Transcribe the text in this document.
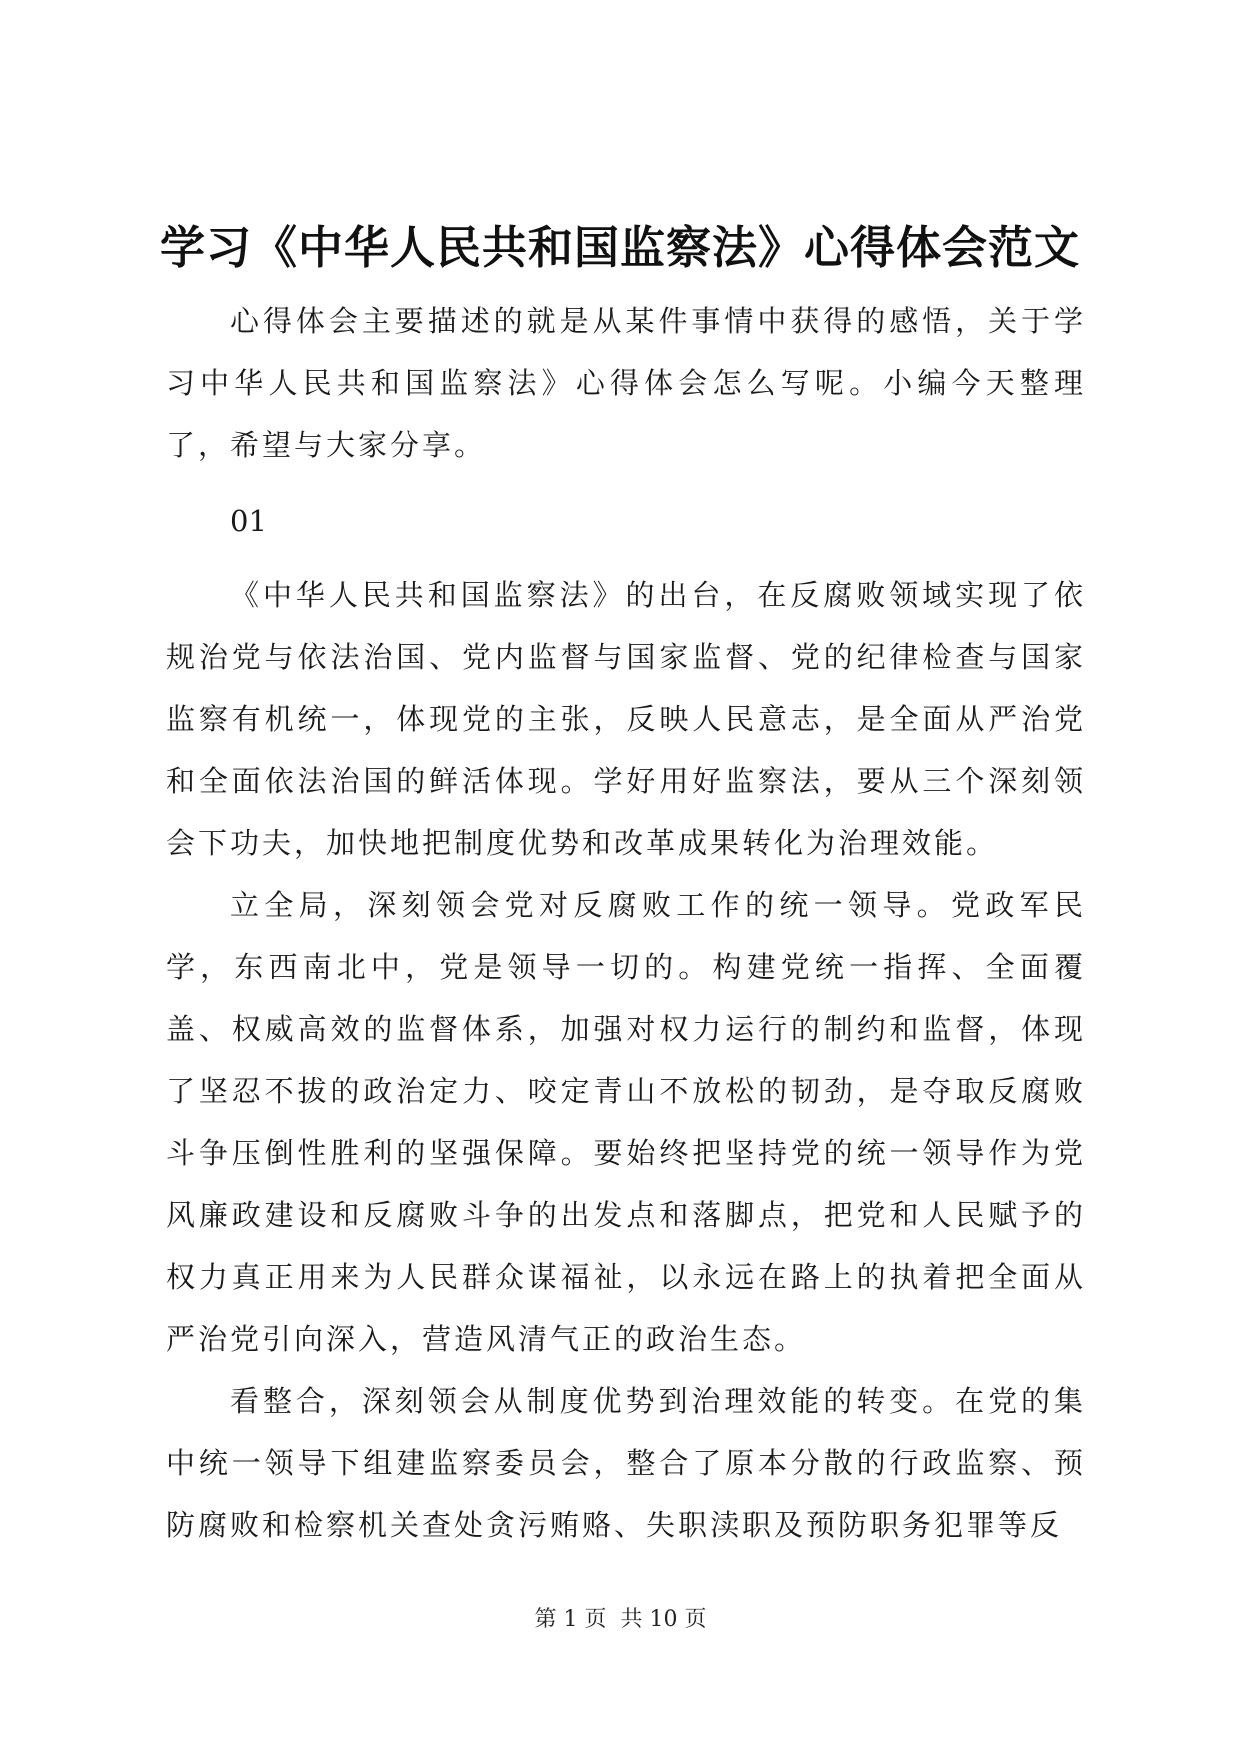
学习《中华人民共和国监察法》心得体会范文

心得体会主要描述的就是从某件事情中获得的感悟，关于学习中华人民共和国监察法》心得体会怎么写呢。小编今天整理了，希望与大家分享。

01

《中华人民共和国监察法》的出台，在反腐败领域实现了依规治党与依法治国、党内监督与国家监督、党的纪律检查与国家监察有机统一，体现党的主张，反映人民意志，是全面从严治党和全面依法治国的鲜活体现。学好用好监察法，要从三个深刻领会下功夫，加快地把制度优势和改革成果转化为治理效能。

立全局，深刻领会党对反腐败工作的统一领导。党政军民学，东西南北中，党是领导一切的。构建党统一指挥、全面覆盖、权威高效的监督体系，加强对权力运行的制约和监督，体现了坚忍不拔的政治定力、咬定青山不放松的韧劲，是夺取反腐败斗争压倒性胜利的坚强保障。要始终把坚持党的统一领导作为党风廉政建设和反腐败斗争的出发点和落脚点，把党和人民赋予的权力真正用来为人民群众谋福祉，以永远在路上的执着把全面从严治党引向深入，营造风清气正的政治生态。

看整合，深刻领会从制度优势到治理效能的转变。在党的集中统一领导下组建监察委员会，整合了原本分散的行政监察、预防腐败和检察机关查处贪污贿赂、失职渎职及预防职务犯罪等反

第 1 页  共 10 页
